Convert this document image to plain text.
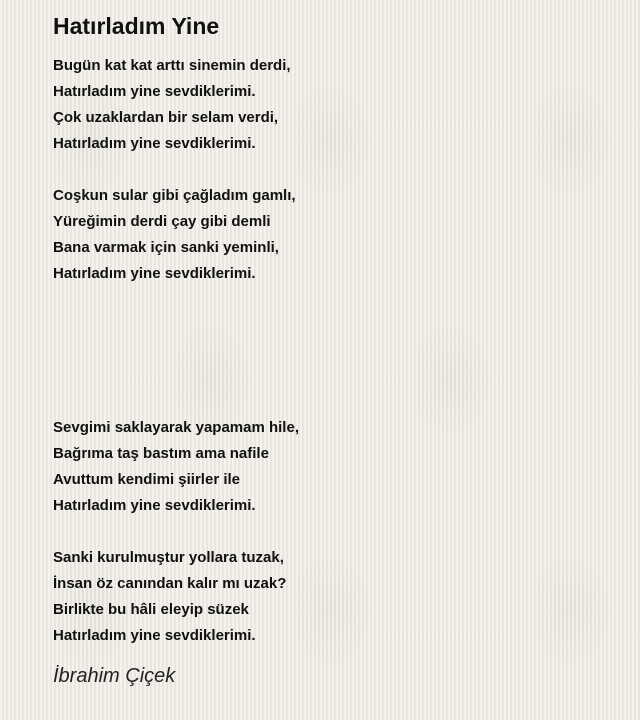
Hatırladım Yine
Bugün kat kat arttı sinemin derdi,
Hatırladım yine sevdiklerimi.
Çok uzaklardan bir selam verdi,
Hatırladım yine sevdiklerimi.
Coşkun sular gibi çağladım gamlı,
Yüreğimin derdi çay gibi demli
Bana varmak için sanki yeminli,
Hatırladım yine sevdiklerimi.
Sevgimi saklayarak yapamam hile,
Bağrıma taş bastım ama nafile
Avuttum kendimi şiirler ile
Hatırladım yine sevdiklerimi.
Sanki kurulmuştur yollara tuzak,
İnsan öz canından kalır mı uzak?
Birlikte bu hâli eleyip süzek
Hatırladım yine sevdiklerimi.
İbrahim Çiçek
